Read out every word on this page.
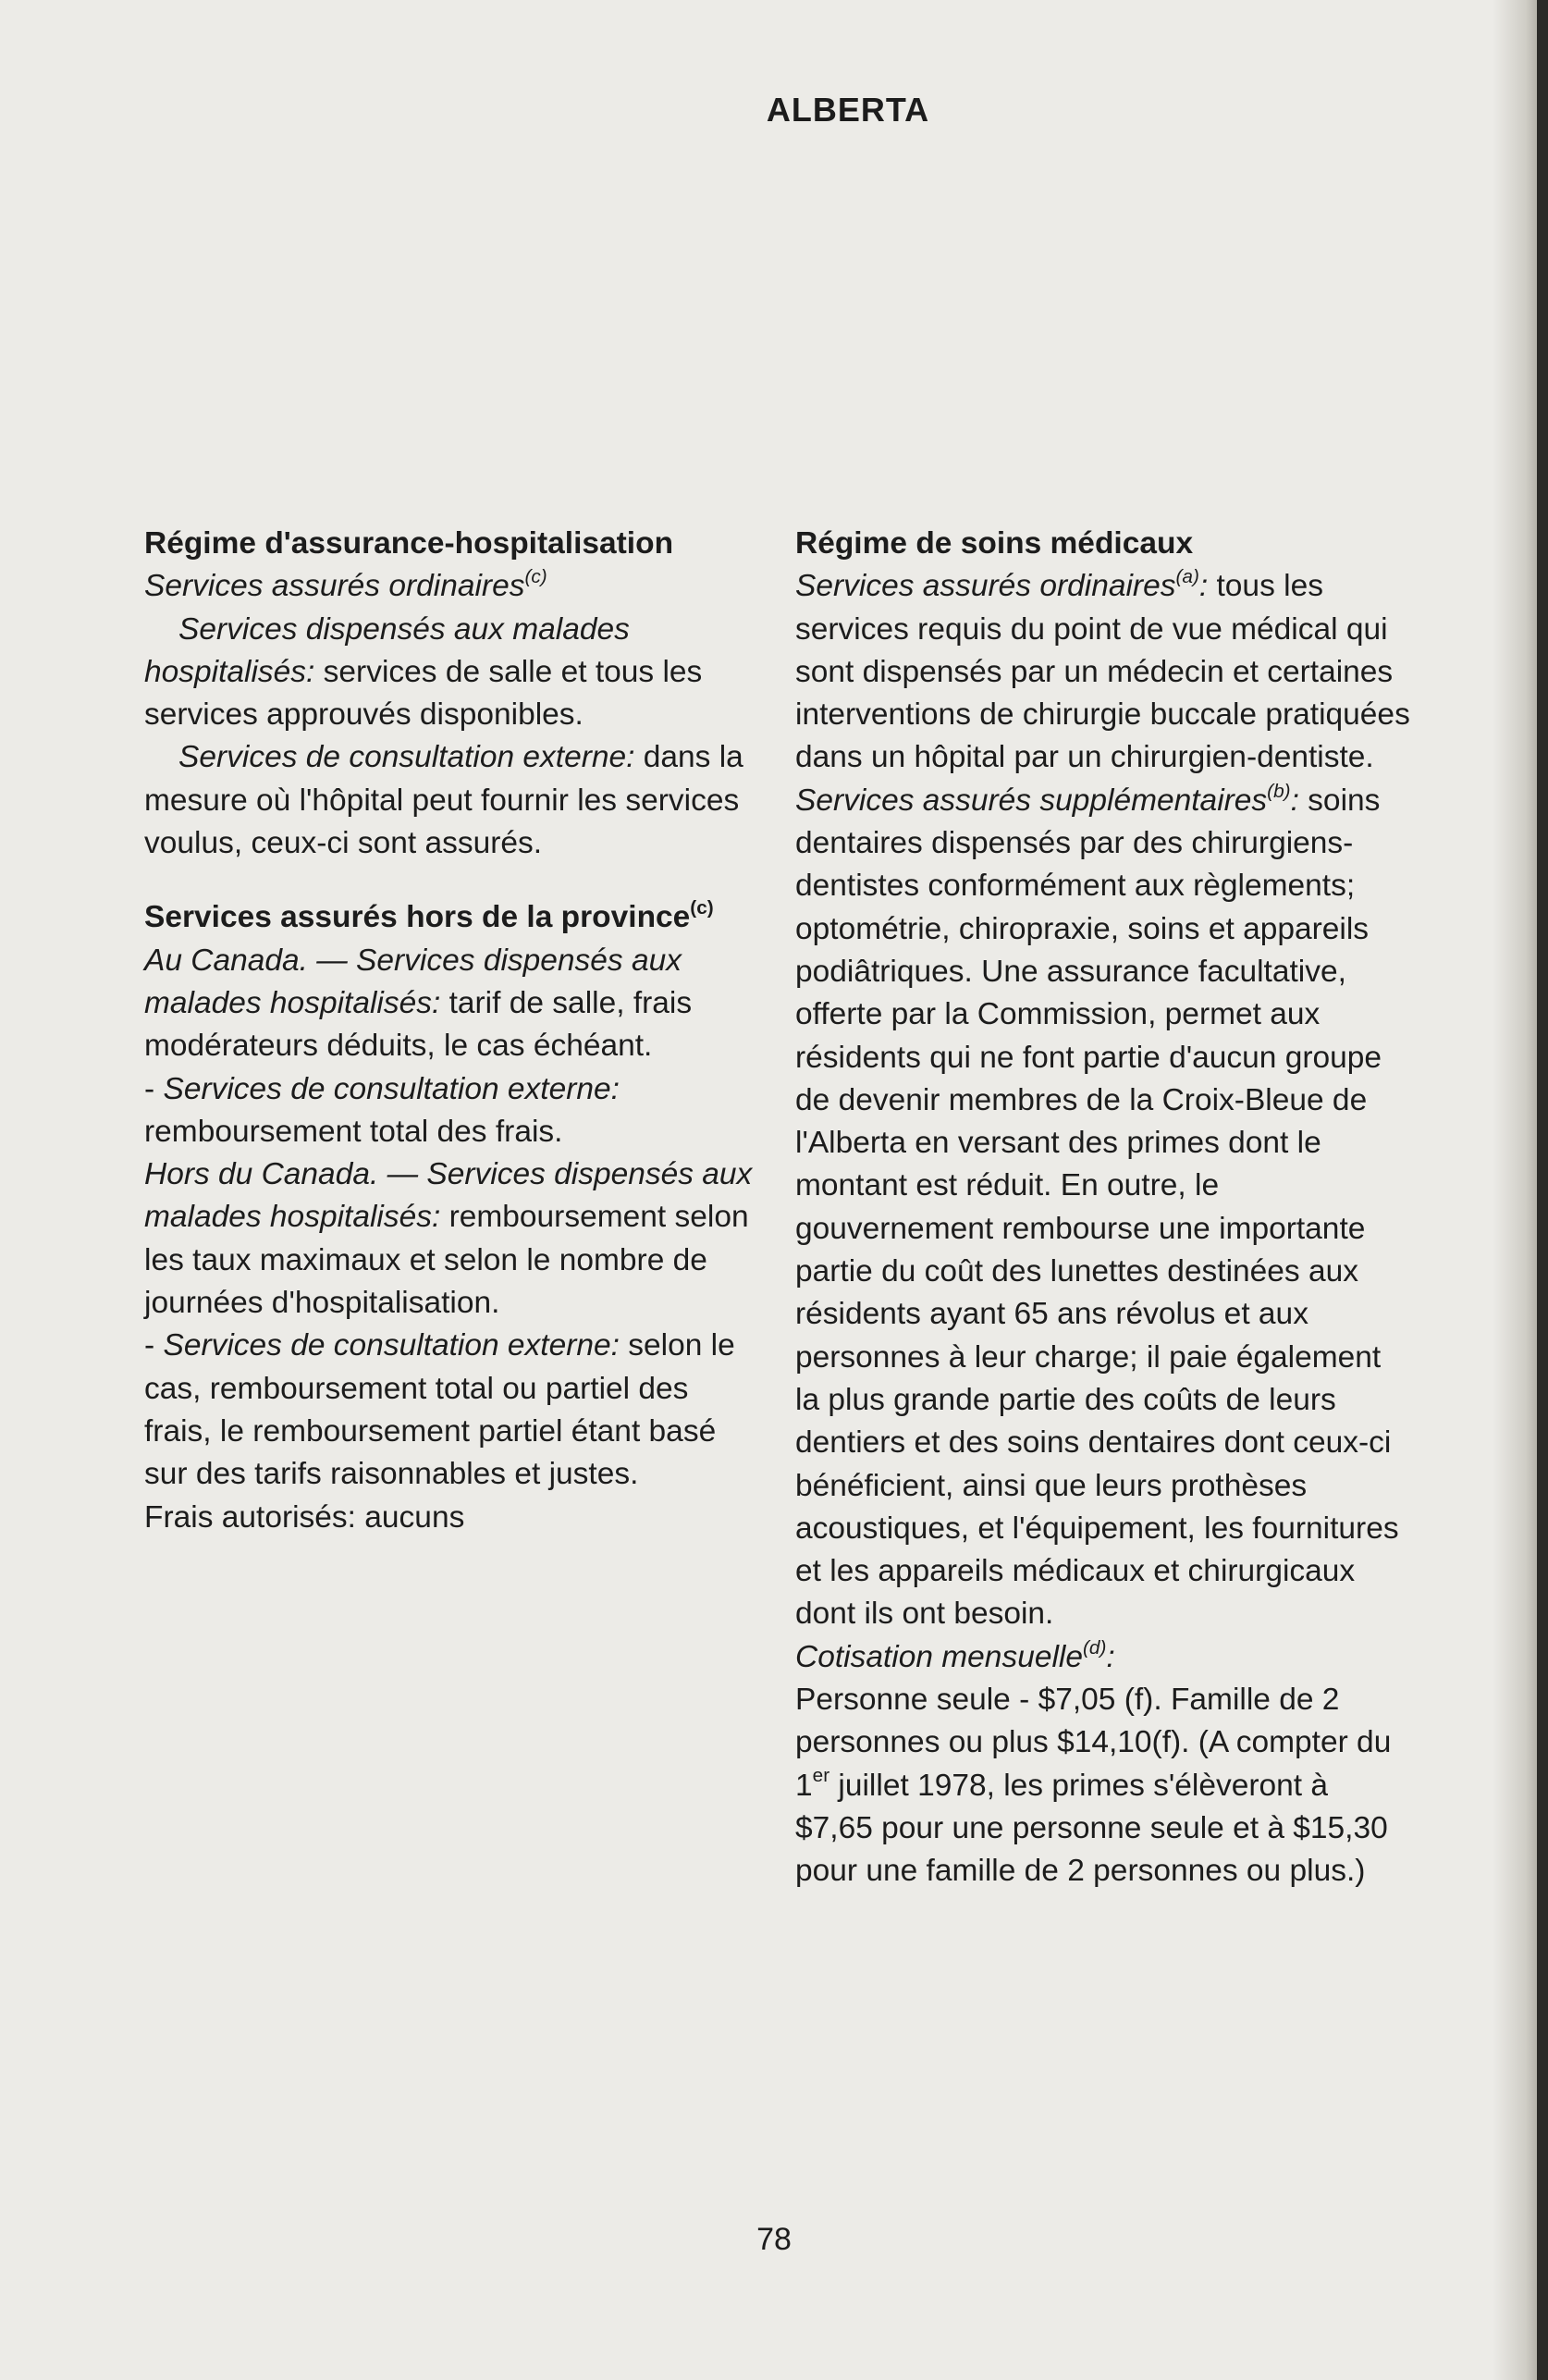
ALBERTA

Régime d'assurance-hospitalisation

Services assurés ordinaires$^{(c)}$

Services dispensés aux malades hospitalisés: services de salle et tous les services approuvés disponibles.

Services de consultation externe: dans la mesure où l'hôpital peut fournir les services voulus, ceux-ci sont assurés.

Services assurés hors de la province$^{(c)}$

Au Canada. — Services dispensés aux malades hospitalisés: tarif de salle, frais modérateurs déduits, le cas échéant.

- Services de consultation externe: remboursement total des frais.

Hors du Canada. — Services dispensés aux malades hospitalisés: remboursement selon les taux maximaux et selon le nombre de journées d'hospitalisation.

- Services de consultation externe: selon le cas, remboursement total ou partiel des frais, le remboursement partiel étant basé sur des tarifs raisonnables et justes.

Frais autorisés: aucuns

Régime de soins médicaux

Services assurés ordinaires$^{(a)}$: tous les services requis du point de vue médical qui sont dispensés par un médecin et certaines interventions de chirurgie buccale pratiquées dans un hôpital par un chirurgien-dentiste.

Services assurés supplémentaires$^{(b)}$: soins dentaires dispensés par des chirurgiens-dentistes conformément aux règlements; optométrie, chiropraxie, soins et appareils podiâtriques. Une assurance facultative, offerte par la Commission, permet aux résidents qui ne font partie d'aucun groupe de devenir membres de la Croix-Bleue de l'Alberta en versant des primes dont le montant est réduit. En outre, le gouvernement rembourse une importante partie du coût des lunettes destinées aux résidents ayant 65 ans révolus et aux personnes à leur charge; il paie également la plus grande partie des coûts de leurs dentiers et des soins dentaires dont ceux-ci bénéficient, ainsi que leurs prothèses acoustiques, et l'équipement, les fournitures et les appareils médicaux et chirurgicaux dont ils ont besoin.

Cotisation mensuelle$^{(d)}$:

Personne seule - $7,05 (f). Famille de 2 personnes ou plus $14,10(f). (A compter du 1er juillet 1978, les primes s'élèveront à $7,65 pour une personne seule et à $15,30 pour une famille de 2 personnes ou plus.)

78
